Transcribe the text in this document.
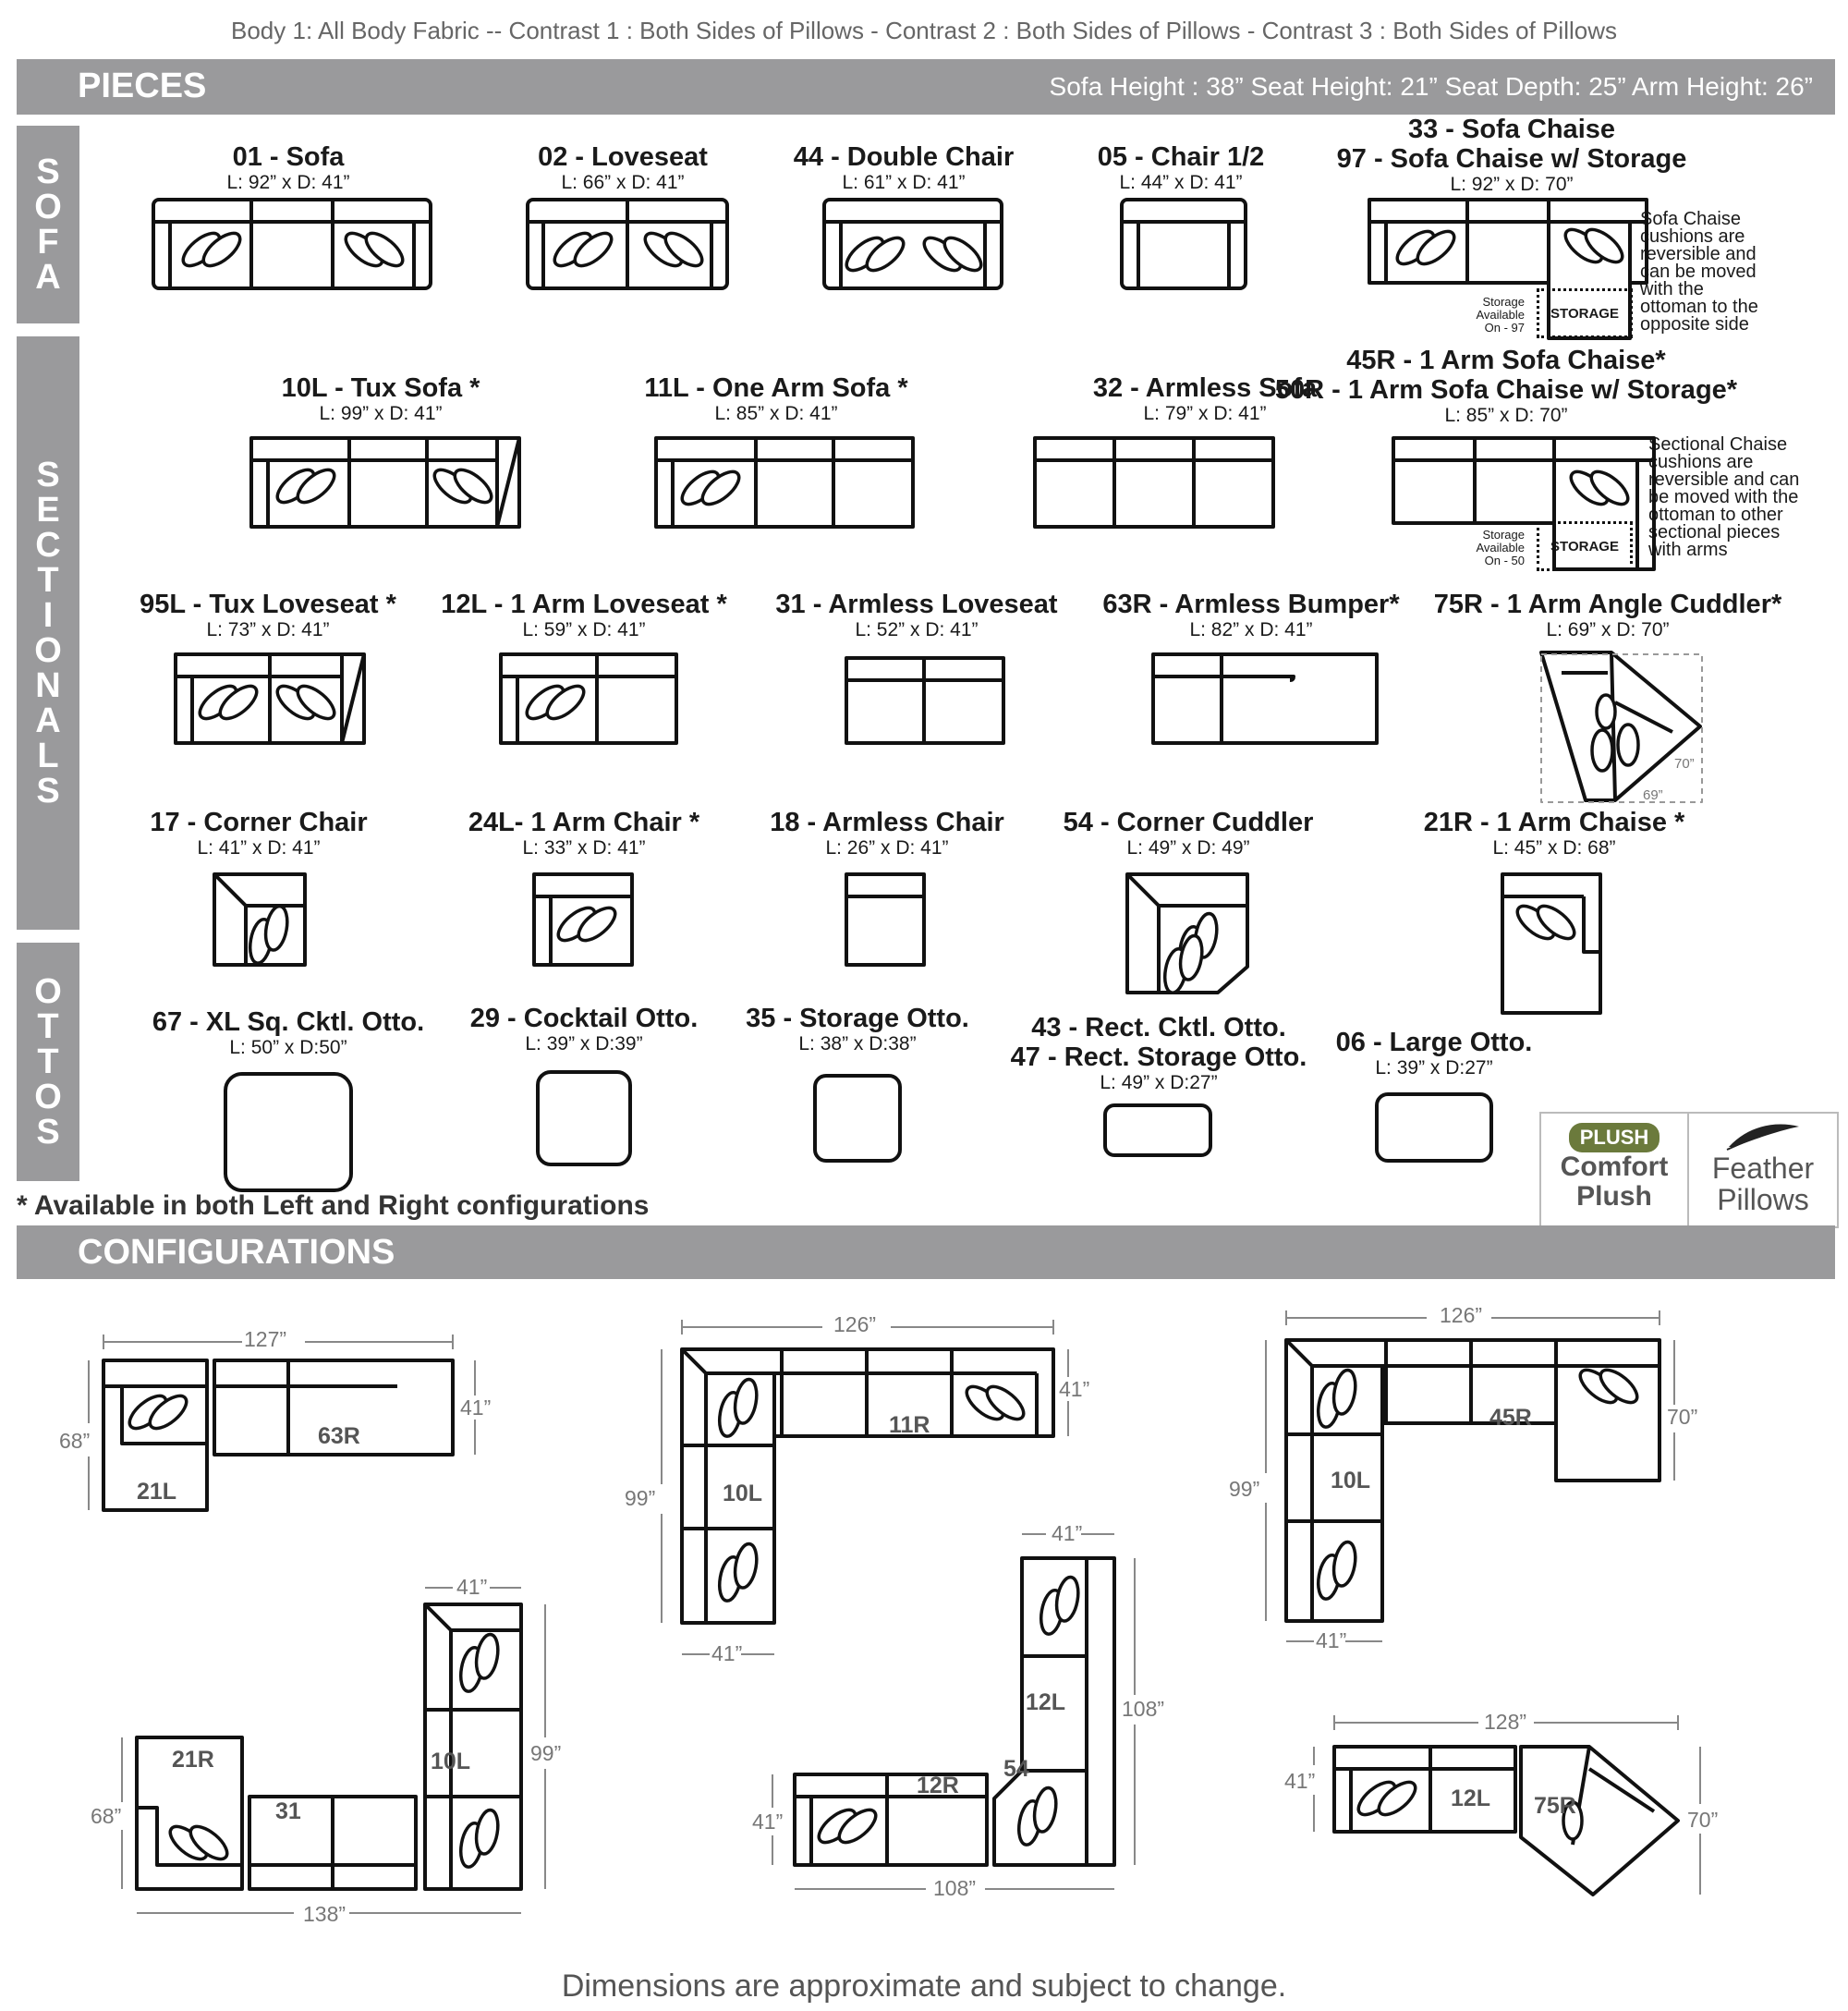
Body 1: All Body Fabric -- Contrast 1 : Both Sides of Pillows - Contrast 2 : Both Sides of Pillows - Contrast 3 : Both Sides of Pillows
PIECES	Sofa Height : 38” Seat Height: 21” Seat Depth: 25” Arm Height: 26”
S
O
F
A
S
E
C
T
I
O
N
A
L
S
O
T
T
O
S
01 - Sofa
L: 92” x D: 41”
02 - Loveseat
L: 66” x D: 41”
44 - Double Chair
L: 61” x D: 41”
05 - Chair 1/2
L: 44” x D: 41”
33 - Sofa Chaise
97 - Sofa Chaise w/ Storage
L: 92” x D: 70”
Sofa Chaise
cushions are
reversible and
can be moved
with the
ottoman to the
opposite side
Storage
Available
On - 97
STORAGE
10L - Tux Sofa *
L: 99” x D: 41”
11L - One Arm Sofa *
L: 85” x D: 41”
32 - Armless Sofa
L: 79” x D: 41”
45R - 1 Arm Sofa Chaise*
50R - 1 Arm Sofa Chaise w/ Storage*
L: 85” x D: 70”
Sectional Chaise
cushions are
reversible and can
be moved with the
ottoman to other
sectional pieces
with arms
Storage
Available
On - 50
STORAGE
95L - Tux Loveseat *
L: 73” x D: 41”
12L - 1 Arm Loveseat *
L: 59” x D: 41”
31 - Armless Loveseat
L: 52” x D: 41”
63R - Armless Bumper*
L: 82” x D: 41”
75R - 1 Arm Angle Cuddler*
L: 69” x D: 70”
70”
69”
17 - Corner Chair
L: 41” x D: 41”
24L- 1 Arm Chair *
L: 33” x D: 41”
18 - Armless Chair
L: 26” x D: 41”
54 - Corner Cuddler
L: 49” x D: 49”
21R - 1 Arm Chaise *
L: 45” x D: 68”
67 - XL Sq. Cktl. Otto.
L: 50” x D:50”
29 - Cocktail Otto.
L: 39” x D:39”
35 - Storage Otto.
L: 38” x D:38”
43 - Rect. Cktl. Otto.
47 - Rect. Storage Otto.
L: 49” x D:27”
06 - Large Otto.
L: 39” x D:27”
PLUSH
Comfort
Plush
Feather
Pillows
* Available in both Left and Right configurations
CONFIGURATIONS
127”
68”
41”
21L
63R
126”
41”
99”
41”
11R
10L
126”
70”
99”
41”
45R
10L
41”
99”
68”
138”
21R
31
10L
41”
108”
41”
108”
12L
12R
54
128”
41”
70”
12L 75R
Dimensions are approximate and subject to change.
